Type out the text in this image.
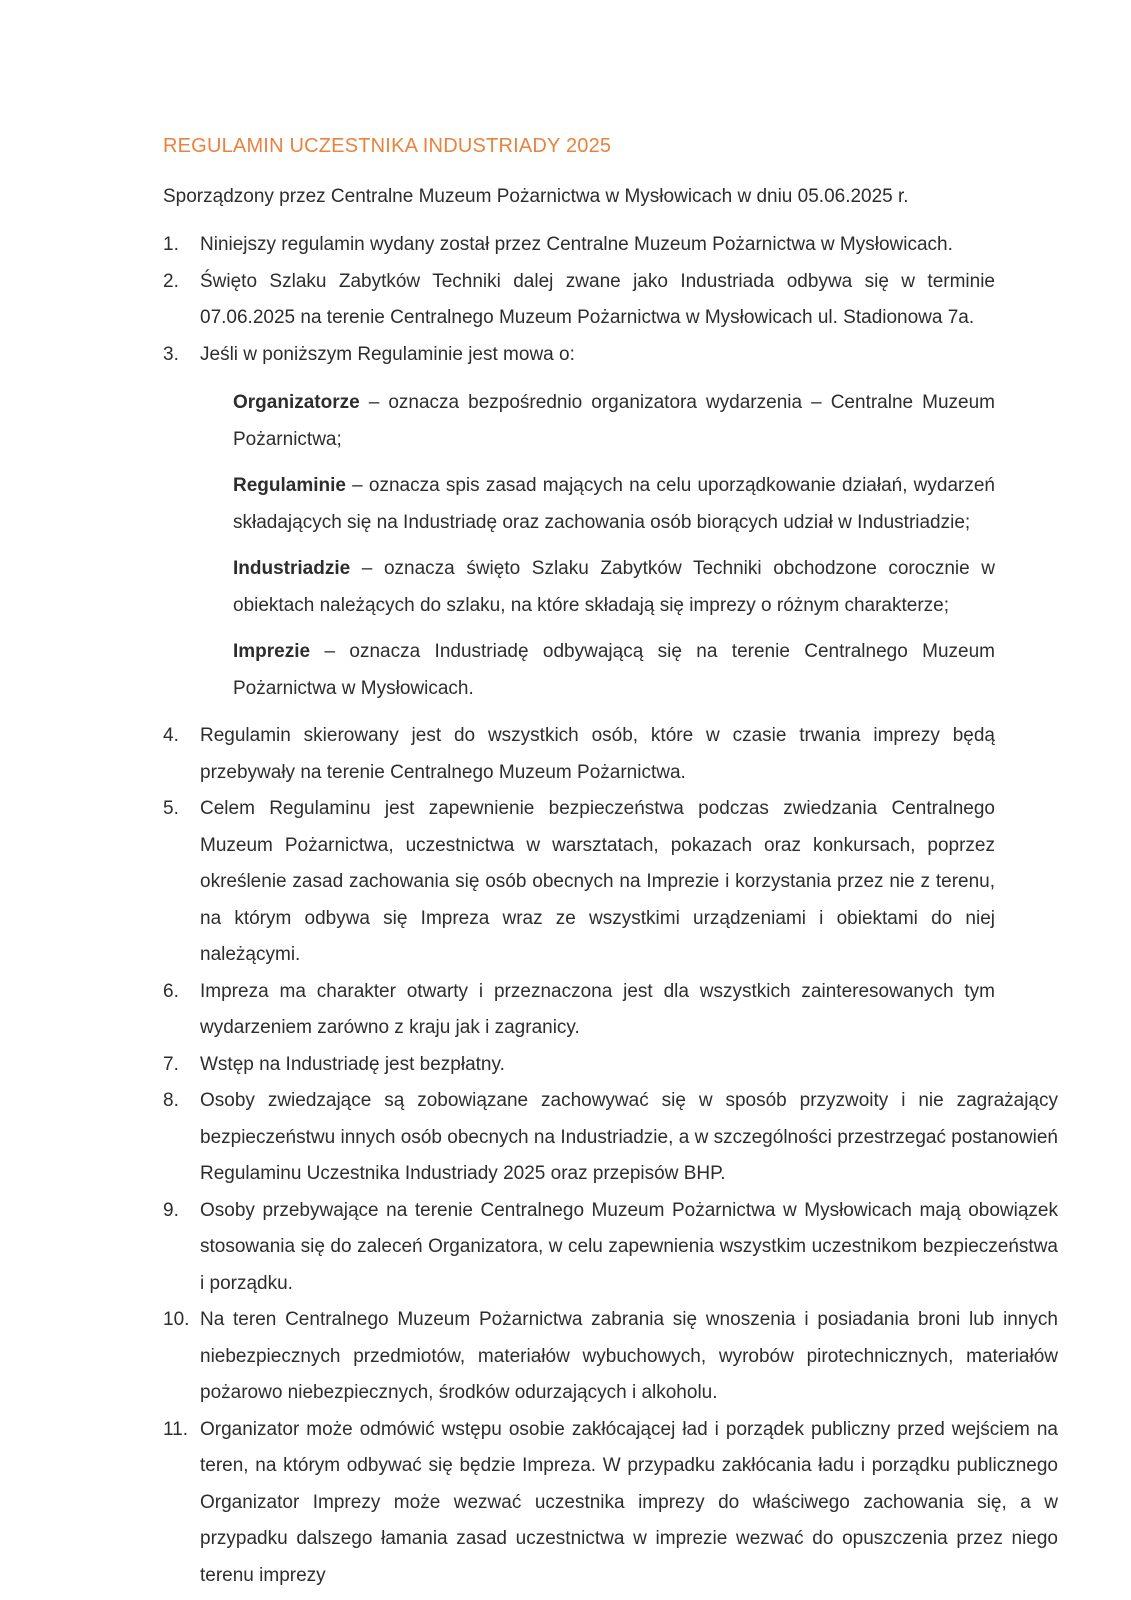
REGULAMIN UCZESTNIKA INDUSTRIADY 2025

Sporządzony przez Centralne Muzeum Pożarnictwa w Mysłowicach w dniu 05.06.2025 r.

1. Niniejszy regulamin wydany został przez Centralne Muzeum Pożarnictwa w Mysłowicach.
2. Święto Szlaku Zabytków Techniki dalej zwane jako Industriada odbywa się w terminie 07.06.2025 na terenie Centralnego Muzeum Pożarnictwa w Mysłowicach ul. Stadionowa 7a.
3. Jeśli w poniższym Regulaminie jest mowa o:

Organizatorze – oznacza bezpośrednio organizatora wydarzenia – Centralne Muzeum Pożarnictwa;

Regulaminie – oznacza spis zasad mających na celu uporządkowanie działań, wydarzeń składających się na Industriadę oraz zachowania osób biorących udział w Industriadzie;

Industriadzie – oznacza święto Szlaku Zabytków Techniki obchodzone corocznie w obiektach należących do szlaku, na które składają się imprezy o różnym charakterze;

Imprezie – oznacza Industriadę odbywającą się na terenie Centralnego Muzeum Pożarnictwa w Mysłowicach.

4. Regulamin skierowany jest do wszystkich osób, które w czasie trwania imprezy będą przebywały na terenie Centralnego Muzeum Pożarnictwa.
5. Celem Regulaminu jest zapewnienie bezpieczeństwa podczas zwiedzania Centralnego Muzeum Pożarnictwa, uczestnictwa w warsztatach, pokazach oraz konkursach, poprzez określenie zasad zachowania się osób obecnych na Imprezie i korzystania przez nie z terenu, na którym odbywa się Impreza wraz ze wszystkimi urządzeniami i obiektami do niej należącymi.
6. Impreza ma charakter otwarty i przeznaczona jest dla wszystkich zainteresowanych tym wydarzeniem zarówno z kraju jak i zagranicy.
7. Wstęp na Industriadę jest bezpłatny.
8. Osoby zwiedzające są zobowiązane zachowywać się w sposób przyzwoity i nie zagrażający bezpieczeństwu innych osób obecnych na Industriadzie, a w szczególności przestrzegać postanowień Regulaminu Uczestnika Industriady 2025 oraz przepisów BHP.
9. Osoby przebywające na terenie Centralnego Muzeum Pożarnictwa w Mysłowicach mają obowiązek stosowania się do zaleceń Organizatora, w celu zapewnienia wszystkim uczestnikom bezpieczeństwa i porządku.
10. Na teren Centralnego Muzeum Pożarnictwa zabrania się wnoszenia i posiadania broni lub innych niebezpiecznych przedmiotów, materiałów wybuchowych, wyrobów pirotechnicznych, materiałów pożarowo niebezpiecznych, środków odurzających i alkoholu.
11. Organizator może odmówić wstępu osobie zakłócającej ład i porządek publiczny przed wejściem na teren, na którym odbywać się będzie Impreza. W przypadku zakłócania ładu i porządku publicznego Organizator Imprezy może wezwać uczestnika imprezy do właściwego zachowania się, a w przypadku dalszego łamania zasad uczestnictwa w imprezie wezwać do opuszczenia przez niego terenu imprezy
